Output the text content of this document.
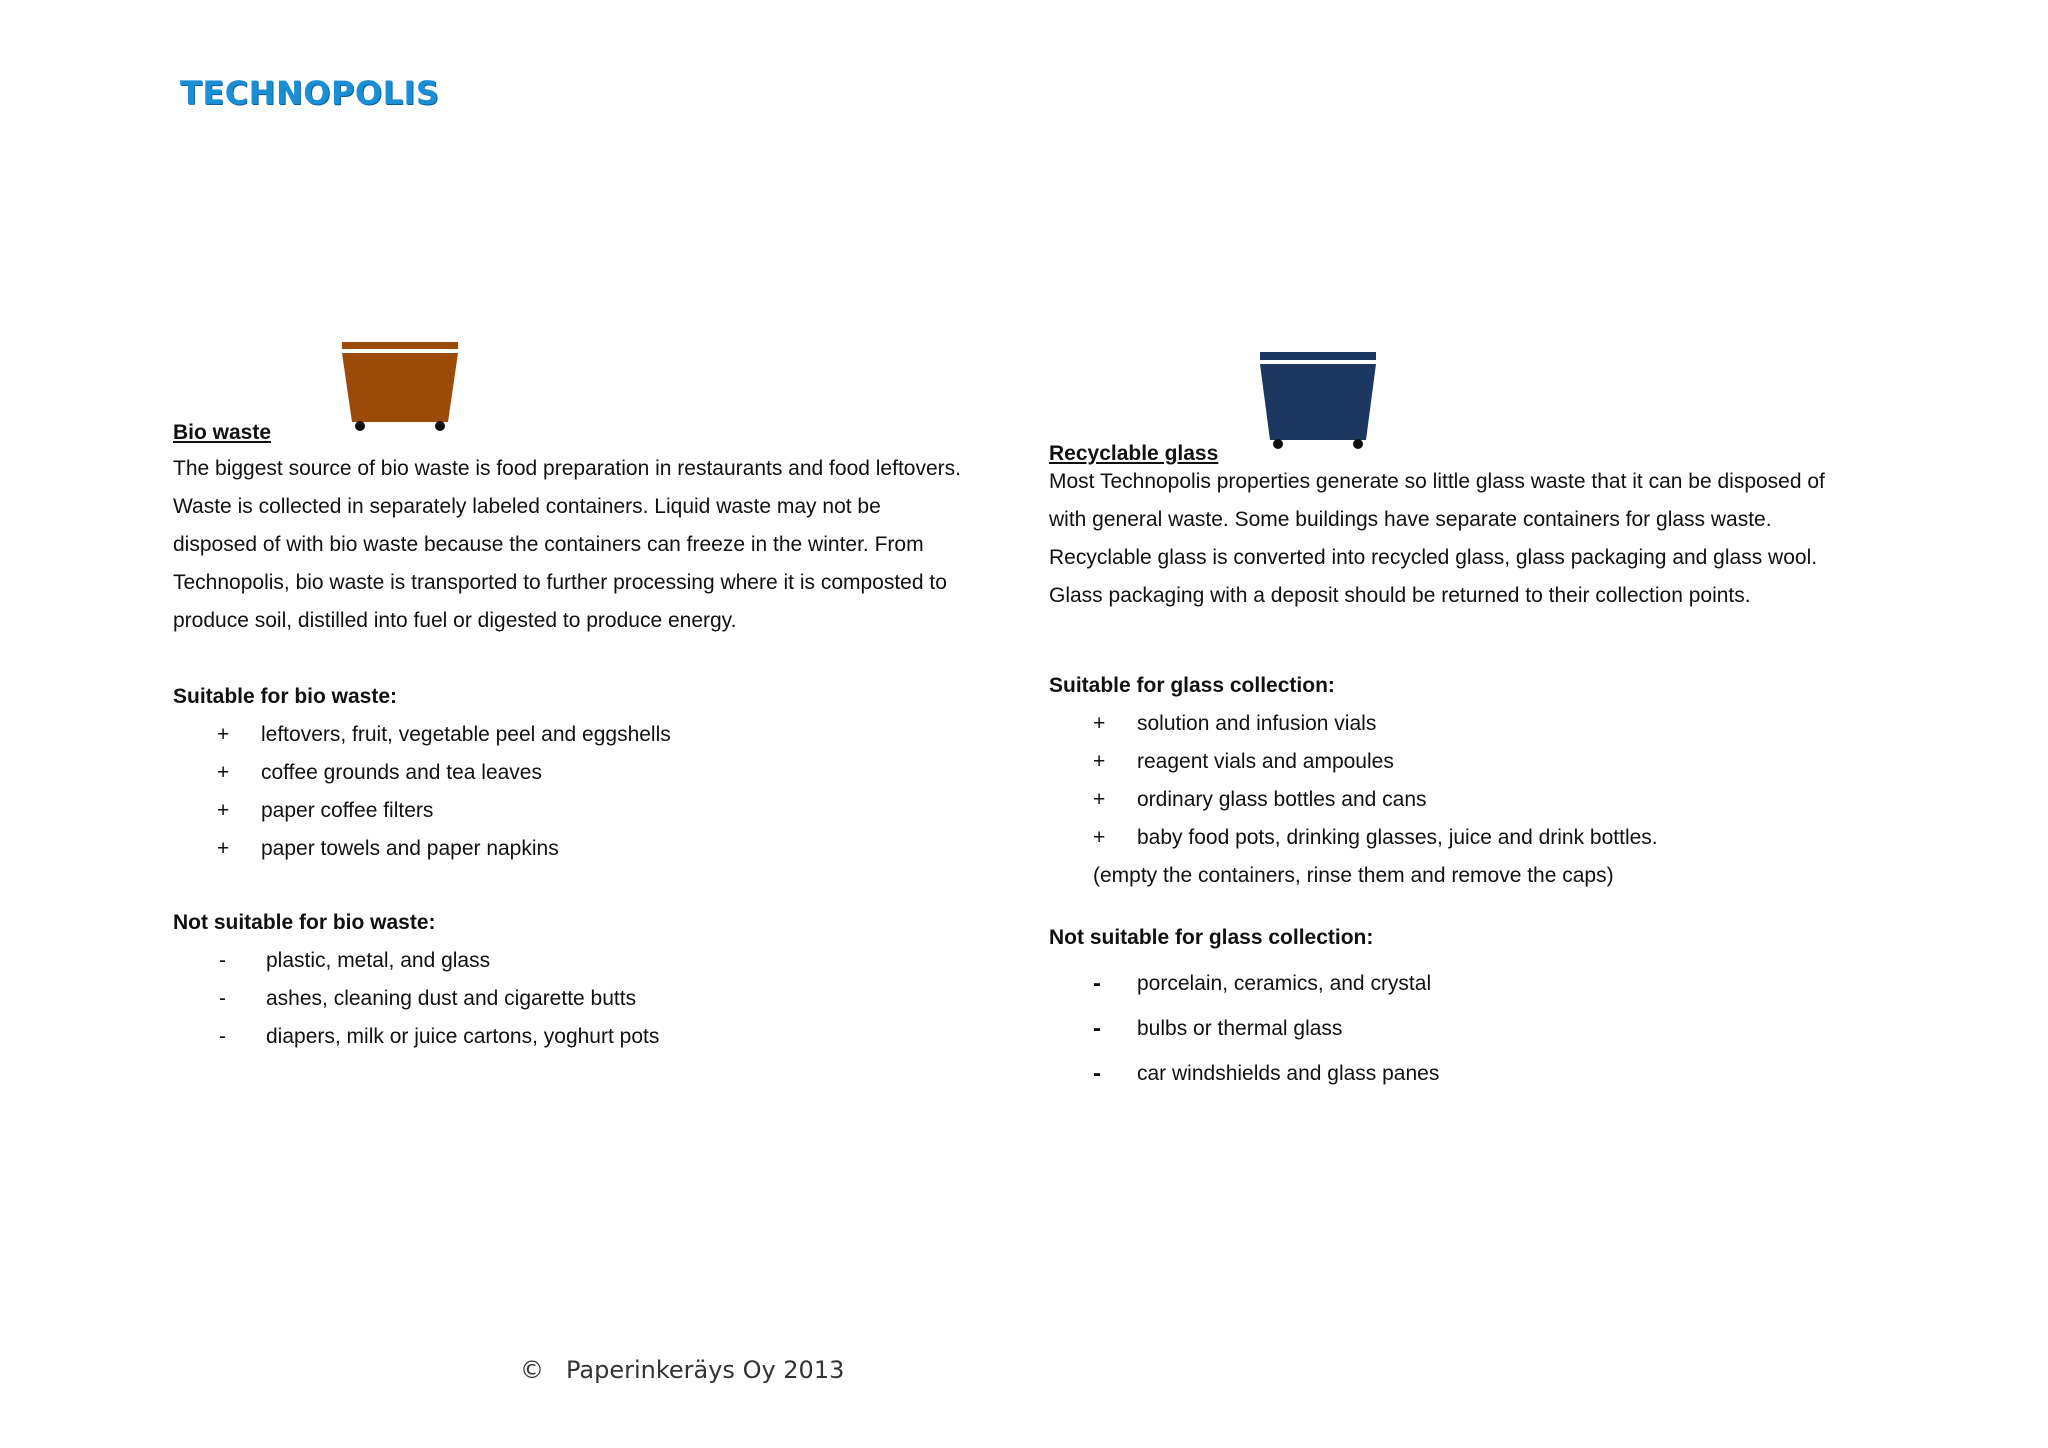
TECHNOPOLIS
Bio waste

The biggest source of bio waste is food preparation in restaurants and food leftovers.

Waste is collected in separately labeled containers. Liquid waste may not be

disposed of with bio waste because the containers can freeze in the winter. From

Technopolis, bio waste is transported to further processing where it is composted to

produce soil, distilled into fuel or digested to produce energy.

Suitable for bio waste:
+	leftovers, fruit, vegetable peel and eggshells
+	coffee grounds and tea leaves
+	paper coffee filters
+	paper towels and paper napkins
Not suitable for bio waste:
-	plastic, metal, and glass
-	ashes, cleaning dust and cigarette butts
-	diapers, milk or juice cartons, yoghurt pots
Recyclable glass

Most Technopolis properties generate so little glass waste that it can be disposed of

with general waste. Some buildings have separate containers for glass waste.

Recyclable glass is converted into recycled glass, glass packaging and glass wool.

Glass packaging with a deposit should be returned to their collection points.

Suitable for glass collection:
+	solution and infusion vials
+	reagent vials and ampoules
+	ordinary glass bottles and cans
+	baby food pots, drinking glasses, juice and drink bottles.
(empty the containers, rinse them and remove the caps)
Not suitable for glass collection:
-	porcelain, ceramics, and crystal
-	bulbs or thermal glass
-	car windshields and glass panes
© Paperinkeräys Oy 2013
